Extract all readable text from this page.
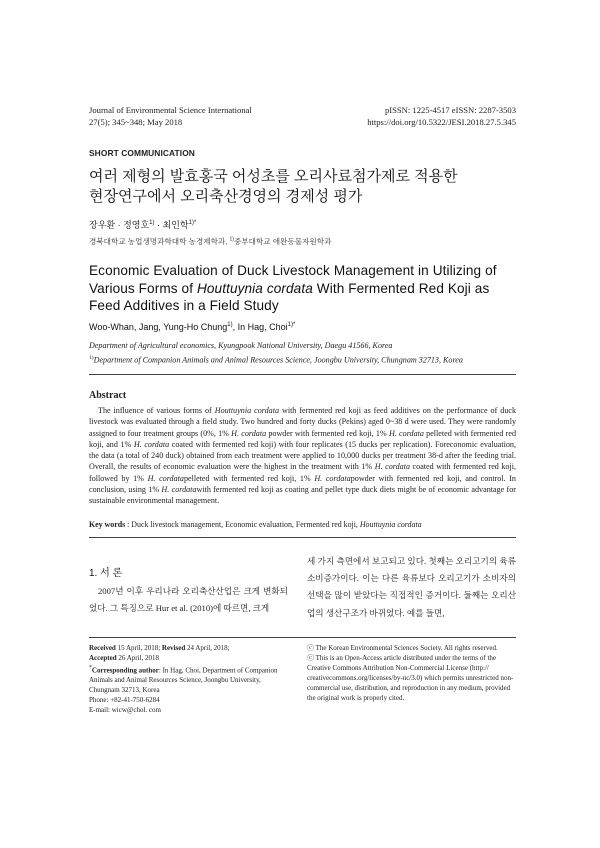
Journal of Environmental Science International
27(5); 345~348; May 2018
pISSN: 1225-4517 eISSN: 2287-3503
https://doi.org/10.5322/JESI.2018.27.5.345
SHORT COMMUNICATION
여러 제형의 발효홍국 어성초를 오리사료첨가제로 적용한
현장연구에서 오리축산경영의 경제성 평가
장우환 · 정영호$^{1)}$ · 최인학$^{1)*}$
경북대학교 농업생명과학대학 농경제학과, $^{1)}$중부대학교 애완동물자원학과
Economic Evaluation of Duck Livestock Management in Utilizing of Various Forms of Houttuynia cordata With Fermented Red Koji as Feed Additives in a Field Study
Woo-Whan, Jang, Yung-Ho Chung$^{1)}$, In Hag, Choi$^{1)*}$
Department of Agricultural economics, Kyungpook National University, Daegu 41566, Korea
$^{1)}$Department of Companion Animals and Animal Resources Science, Joongbu University, Chungnam 32713, Korea
Abstract
The influence of various forms of Houttuynia cordata with fermented red koji as feed additives on the performance of duck livestock was evaluated through a field study. Two hundred and forty ducks (Pekins) aged 0~38 d were used. They were randomly assigned to four treatment groups (0%, 1% H. cordata powder with fermented red koji, 1% H. cordata pelleted with fermented red koji, and 1% H. cordata coated with fermented red koji) with four replicates (15 ducks per replication). Foreconomic evaluation, the data (a total of 240 duck) obtained from each treatment were applied to 10,000 ducks per treatment 38-d after the feeding trial. Overall, the results of economic evaluation were the highest in the treatment with 1% H. cordata coated with fermented red koji, followed by 1% H. cordatapelleted with fermented red koji, 1% H. cordatapowder with fermented red koji, and control. In conclusion, using 1% H. cordatawith fermented red koji as coating and pellet type duck diets might be of economic advantage for sustainable environmental management.
Key words : Duck livestock management, Economic evaluation, Fermented red koji, Houttuynia cordata
1. 서 론
2007년 이후 우리나라 오리축산산업은 크게 변화되었다. 그 특징으로 Hur et al. (2010)에 따르면, 크게
세 가지 측면에서 보고되고 있다. 첫째는 오리고기의 육류소비증가이다. 이는 다른 육류보다 오리고기가 소비자의 선택을 많이 받았다는 직접적인 증거이다. 둘째는 오리산업의 생산구조가 바뀌었다. 예를 들면,
Received 15 April, 2018; Revised 24 April, 2018;
Accepted 26 April, 2018
*Corresponding author: In Hag, Choi, Department of Companion Animals and Animal Resources Science, Joongbu University, Chungnam 32713, Korea
Phone: +82-41-750-6284
E-mail: wicw@chol. com
ⓒ The Korean Environmental Sciences Society. All rights reserved.
ⓒ This is an Open-Access article distributed under the terms of the Creative Commons Attribution Non-Commercial License (http:// creativecommons.org/licenses/by-nc/3.0) which permits unrestricted non-commercial use, distribution, and reproduction in any medium, provided the original work is properly cited.
